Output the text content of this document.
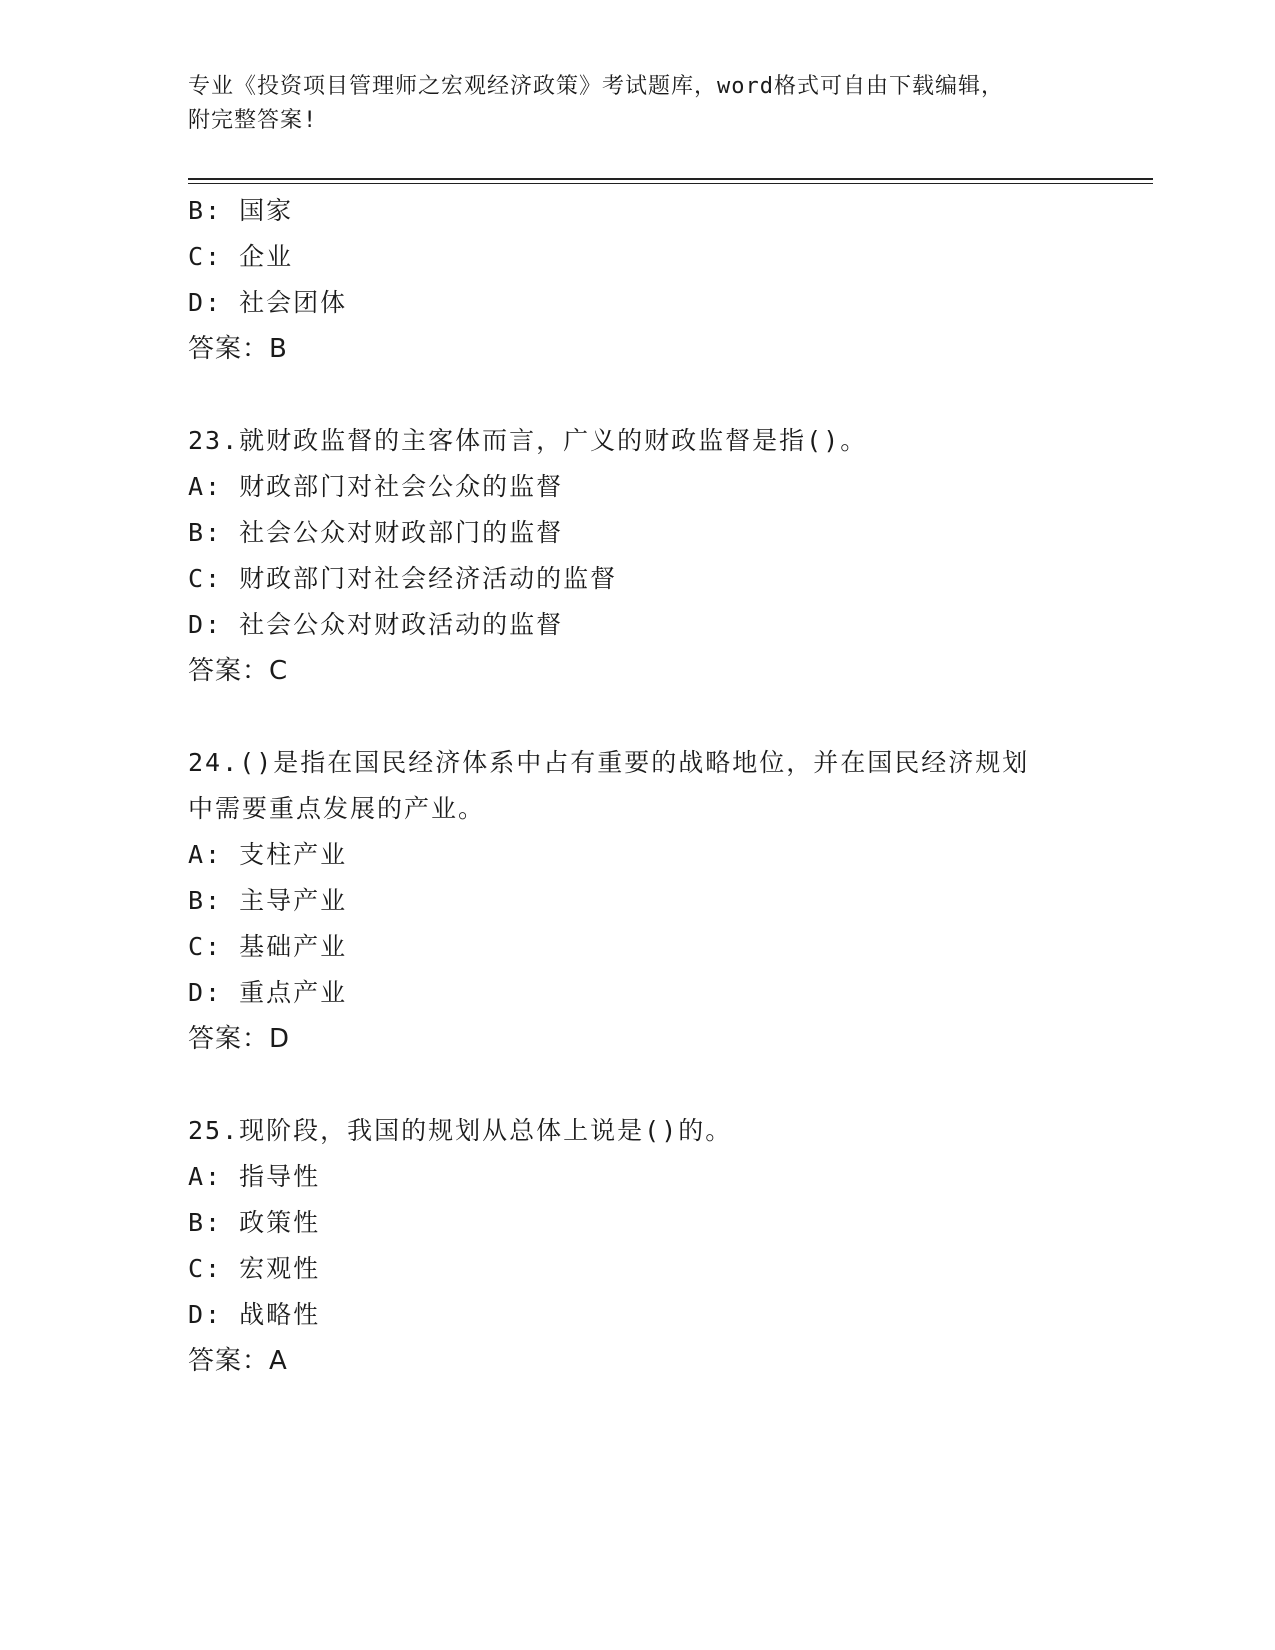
专业《投资项目管理师之宏观经济政策》考试题库，word格式可自由下载编辑，
附完整答案!
B: 国家
C: 企业
D: 社会团体
答案：B
23.就财政监督的主客体而言，广义的财政监督是指()。
A: 财政部门对社会公众的监督
B: 社会公众对财政部门的监督
C: 财政部门对社会经济活动的监督
D: 社会公众对财政活动的监督
答案：C
24.()是指在国民经济体系中占有重要的战略地位，并在国民经济规划
中需要重点发展的产业。
A: 支柱产业
B: 主导产业
C: 基础产业
D: 重点产业
答案：D
25.现阶段，我国的规划从总体上说是()的。
A: 指导性
B: 政策性
C: 宏观性
D: 战略性
答案：A
